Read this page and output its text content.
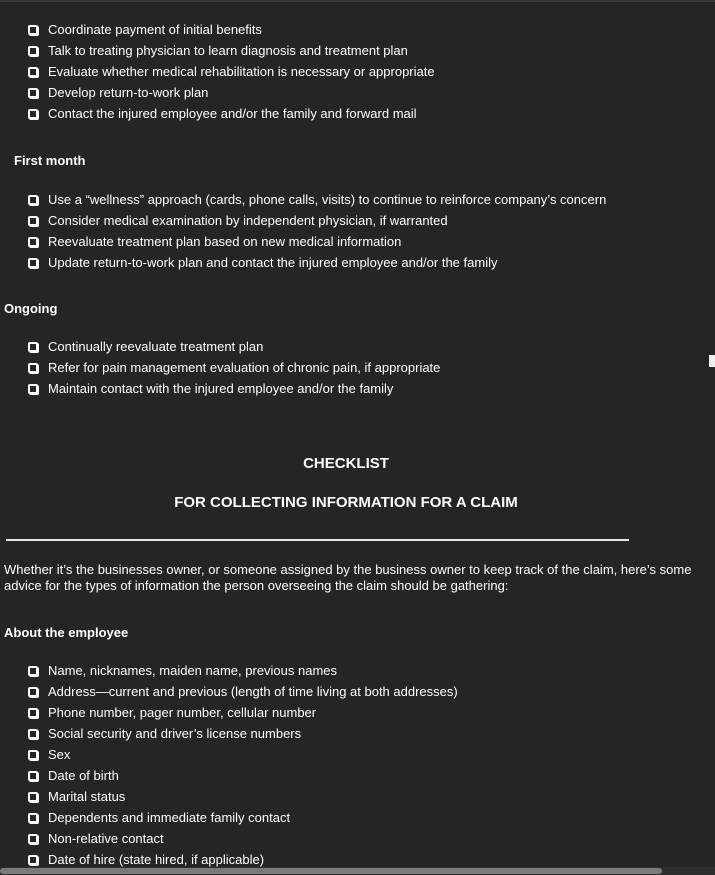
Coordinate payment of initial benefits
Talk to treating physician to learn diagnosis and treatment plan
Evaluate whether medical rehabilitation is necessary or appropriate
Develop return-to-work plan
Contact the injured employee and/or the family and forward mail
First month
Use a “wellness” approach (cards, phone calls, visits) to continue to reinforce company’s concern
Consider medical examination by independent physician, if warranted
Reevaluate treatment plan based on new medical information
Update return-to-work plan and contact the injured employee and/or the family
Ongoing
Continually reevaluate treatment plan
Refer for pain management evaluation of chronic pain, if appropriate
Maintain contact with the injured employee and/or the family
CHECKLIST
FOR COLLECTING INFORMATION FOR A CLAIM

Whether it’s the businesses owner, or someone assigned by the business owner to keep track of the claim, here’s some advice for the types of information the person overseeing the claim should be gathering:

About the employee
Name, nicknames, maiden name, previous names
Address—current and previous (length of time living at both addresses)
Phone number, pager number, cellular number
Social security and driver’s license numbers
Sex
Date of birth
Marital status
Dependents and immediate family contact
Non-relative contact
Date of hire (state hired, if applicable)
